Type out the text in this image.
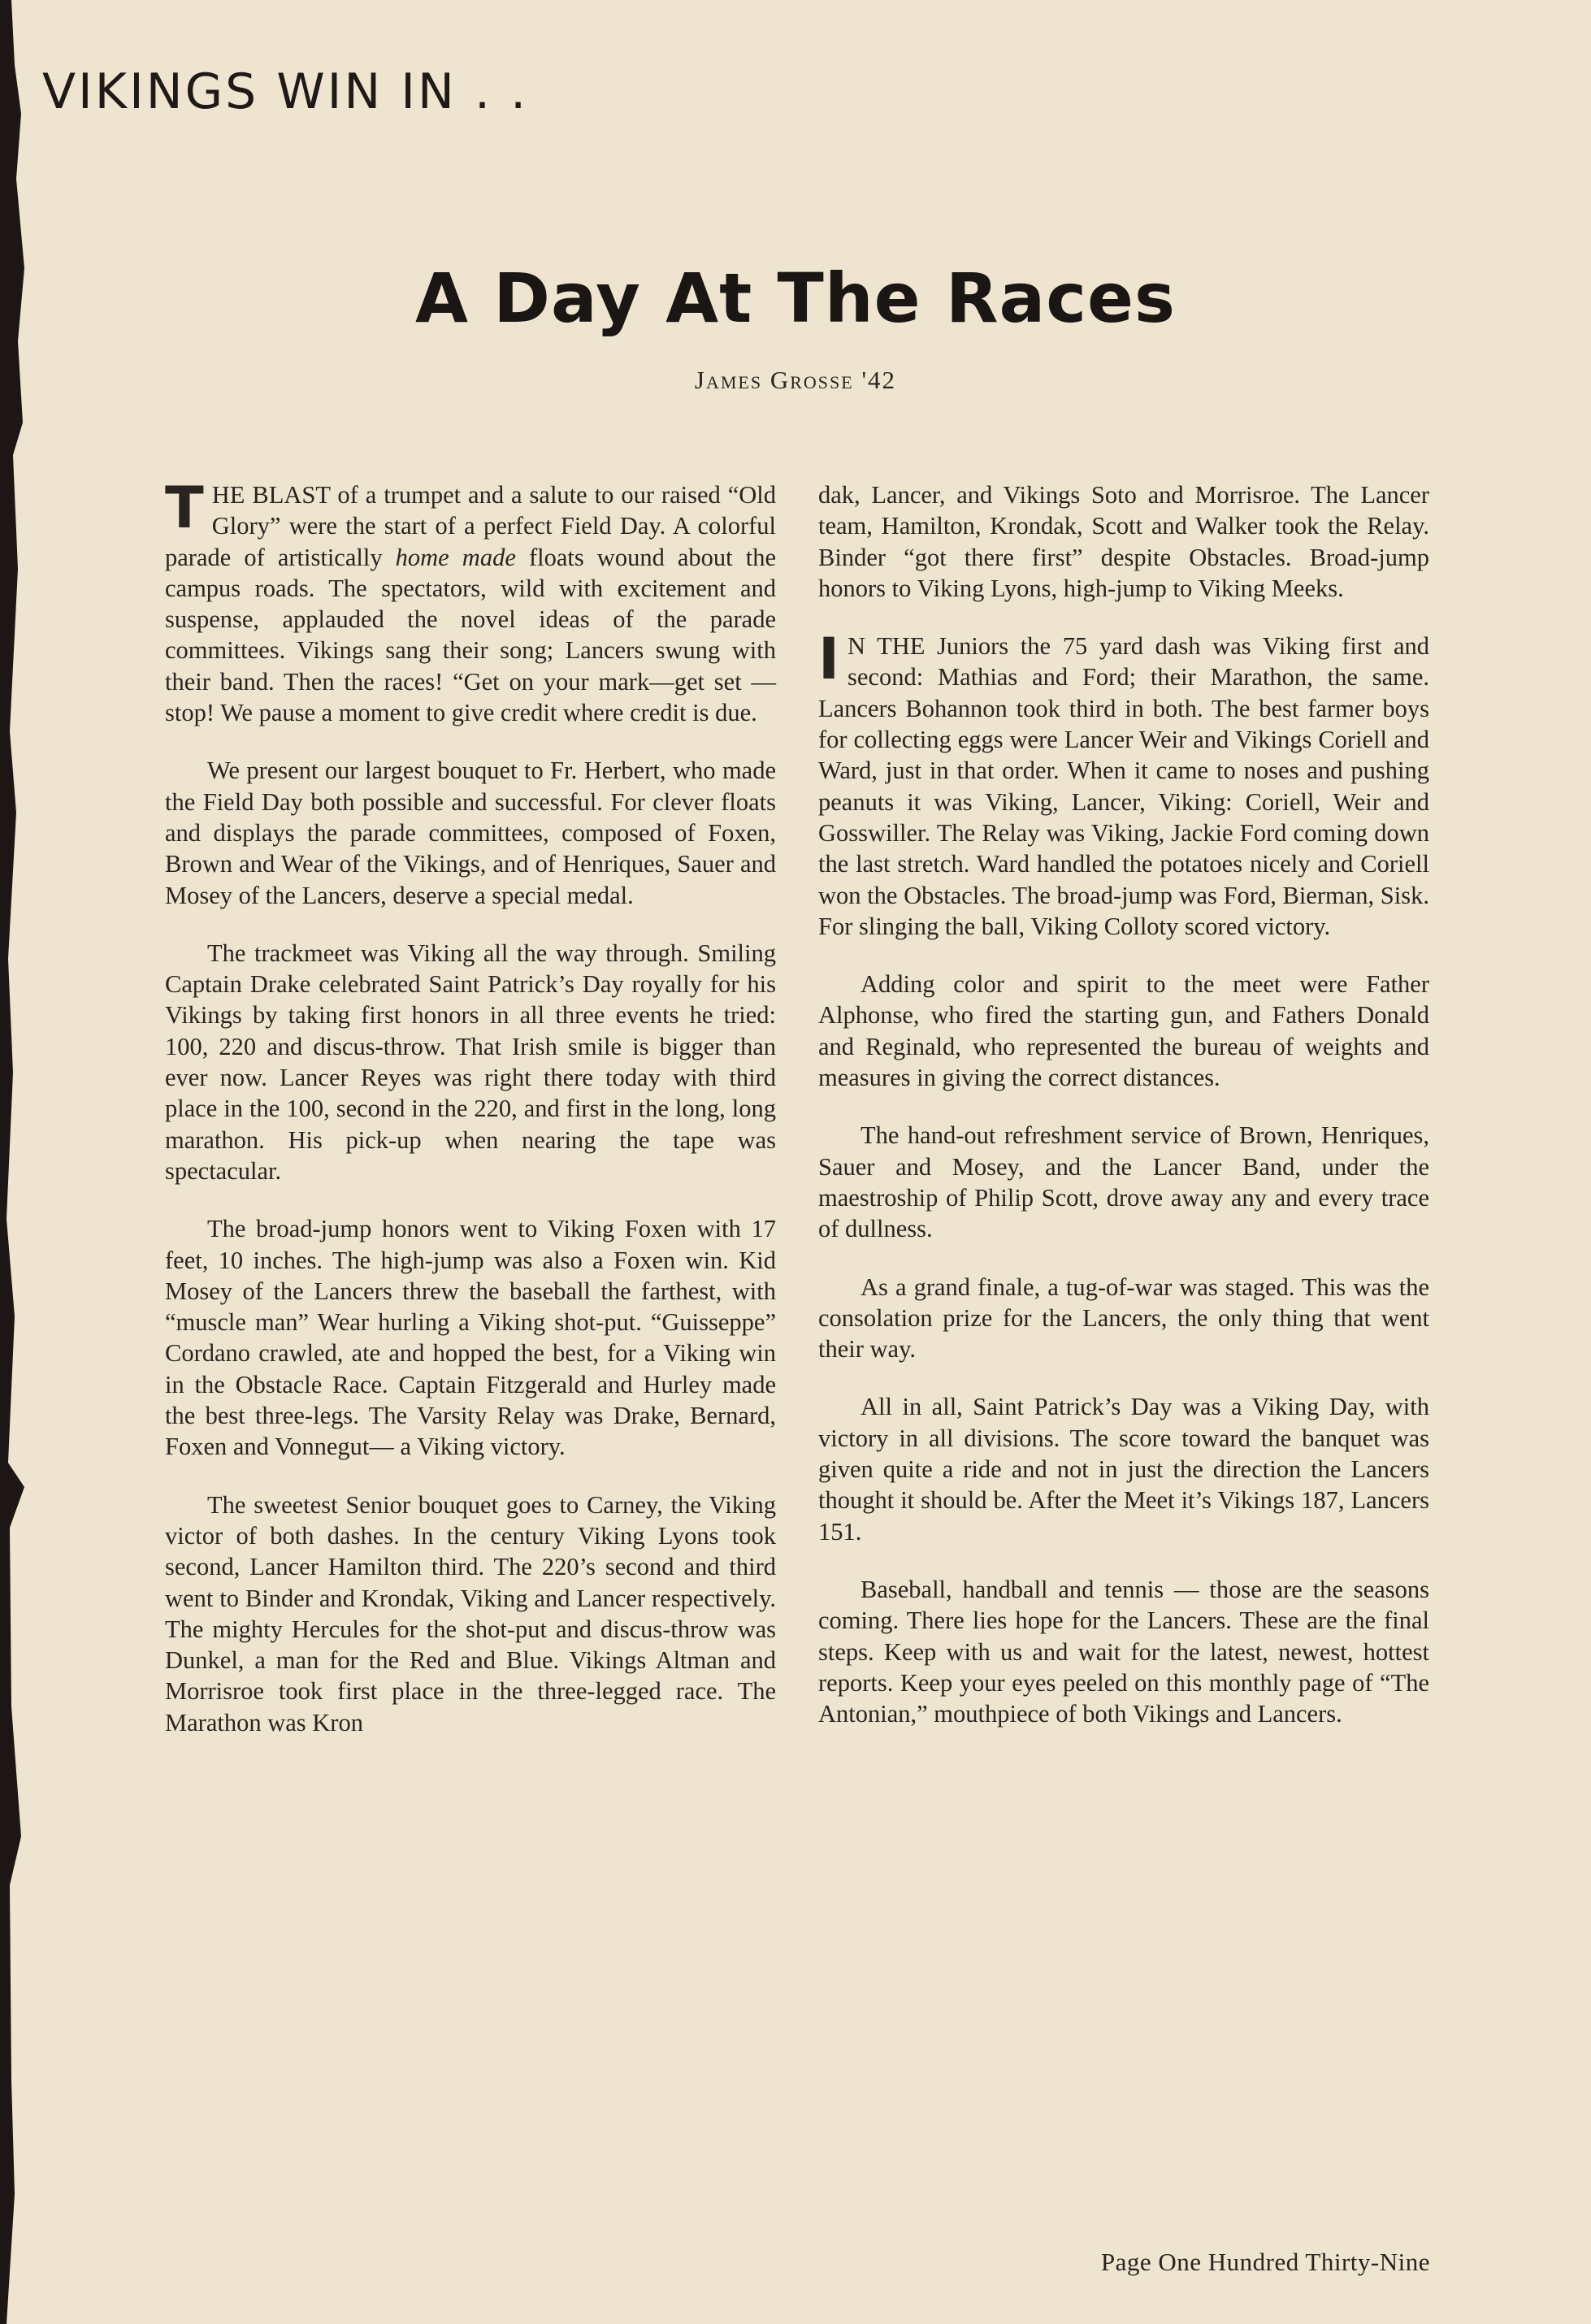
VIKINGS WIN IN . .
A Day At The Races
James Grosse '42

THE BLAST of a trumpet and a salute to our raised “Old Glory” were the start of a perfect Field Day. A colorful parade of artistically home made floats wound about the campus roads. The spectators, wild with excitement and suspense, applauded the novel ideas of the parade committees. Vikings sang their song; Lancers swung with their band. Then the races! “Get on your mark—get set —stop! We pause a moment to give credit where credit is due.

We present our largest bouquet to Fr. Herbert, who made the Field Day both possible and successful. For clever floats and displays the parade committees, composed of Foxen, Brown and Wear of the Vikings, and of Henriques, Sauer and Mosey of the Lancers, deserve a special medal.

The trackmeet was Viking all the way through. Smiling Captain Drake celebrated Saint Patrick’s Day royally for his Vikings by taking first honors in all three events he tried: 100, 220 and discus-throw. That Irish smile is bigger than ever now. Lancer Reyes was right there today with third place in the 100, second in the 220, and first in the long, long marathon. His pick-up when nearing the tape was spectacular.

The broad-jump honors went to Viking Foxen with 17 feet, 10 inches. The high-jump was also a Foxen win. Kid Mosey of the Lancers threw the baseball the farthest, with “muscle man” Wear hurling a Viking shot-put. “Guisseppe” Cordano crawled, ate and hopped the best, for a Viking win in the Obstacle Race. Captain Fitzgerald and Hurley made the best three-legs. The Varsity Relay was Drake, Bernard, Foxen and Vonnegut— a Viking victory.

The sweetest Senior bouquet goes to Carney, the Viking victor of both dashes. In the century Viking Lyons took second, Lancer Hamilton third. The 220’s second and third went to Binder and Krondak, Viking and Lancer respectively. The mighty Hercules for the shot-put and discus-throw was Dunkel, a man for the Red and Blue. Vikings Altman and Morrisroe took first place in the three-legged race. The Marathon was Kron

dak, Lancer, and Vikings Soto and Morrisroe. The Lancer team, Hamilton, Krondak, Scott and Walker took the Relay. Binder “got there first” despite Obstacles. Broad-jump honors to Viking Lyons, high-jump to Viking Meeks.

I N THE Juniors the 75 yard dash was Viking first and second: Mathias and Ford; their Marathon, the same. Lancers Bohannon took third in both. The best farmer boys for collecting eggs were Lancer Weir and Vikings Coriell and Ward, just in that order. When it came to noses and pushing peanuts it was Viking, Lancer, Viking: Coriell, Weir and Gosswiller. The Relay was Viking, Jackie Ford coming down the last stretch. Ward handled the potatoes nicely and Coriell won the Obstacles. The broad-jump was Ford, Bierman, Sisk. For slinging the ball, Viking Colloty scored victory.

Adding color and spirit to the meet were Father Alphonse, who fired the starting gun, and Fathers Donald and Reginald, who represented the bureau of weights and measures in giving the correct distances.

The hand-out refreshment service of Brown, Henriques, Sauer and Mosey, and the Lancer Band, under the maestroship of Philip Scott, drove away any and every trace of dullness.

As a grand finale, a tug-of-war was staged. This was the consolation prize for the Lancers, the only thing that went their way.

All in all, Saint Patrick’s Day was a Viking Day, with victory in all divisions. The score toward the banquet was given quite a ride and not in just the direction the Lancers thought it should be. After the Meet it’s Vikings 187, Lancers 151.

Baseball, handball and tennis — those are the seasons coming. There lies hope for the Lancers. These are the final steps. Keep with us and wait for the latest, newest, hottest reports. Keep your eyes peeled on this monthly page of “The Antonian,” mouthpiece of both Vikings and Lancers.

Page One Hundred Thirty-Nine
